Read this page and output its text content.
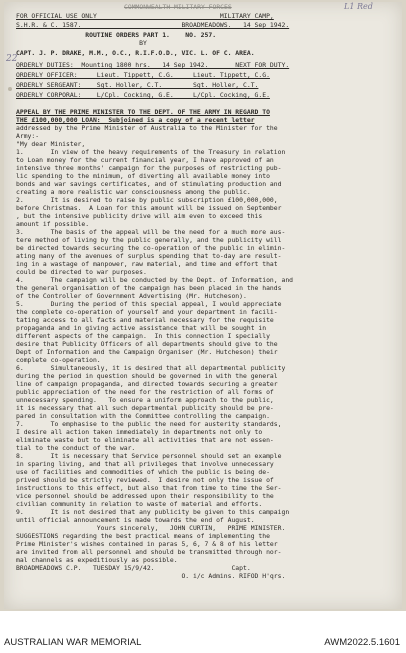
COMMONWEALTH MILITARY FORCES	L1 Red
22
FOR OFFICIAL USE ONLY                                MILITARY CAMP,
S.H.R. & C. 1587.                          BROADMEADOWS.   14 Sep 1942.
ROUTINE ORDERS PART 1.    NO. 257.
BY
CAPT. J. P. DRAKE, M.M., O.C., R.I.F.O.D., VIC. L. OF C. AREA.
ORDERLY DUTIES:  Mounting 1800 hrs.   14 Sep 1942.       NEXT FOR DUTY.
ORDERLY OFFICER:     Lieut. Tippett, C.G.     Lieut. Tippett, C.G.
ORDERLY SERGEANT:    Sgt. Holler, C.T.        Sgt. Holler, C.T.
ORDERLY CORPORAL:    L/Cpl. Cocking, G.E.     L/Cpl. Cocking, G.E.
APPEAL BY THE PRIME MINISTER TO THE DEPT. OF THE ARMY IN REGARD TO
THE £100,000,000 LOAN:  Subjoined is a copy of a recent letter
addressed by the Prime Minister of Australia to the Minister for the
Army:-
"My dear Minister,
1.       In view of the heavy requirements of the Treasury in relation
to Loan money for the current financial year, I have approved of an
intensive three months' campaign for the purposes of restricting pub-
lic spending to the minimum, of diverting all available money into
bonds and war savings certificates, and of stimulating production and
creating a more realistic war consciousness among the public.
2.       It is desired to raise by public subscription £100,000,000,
before Christmas.  A Loan for this amount will be issued on September
, but the intensive publicity drive will aim even to exceed this
amount if possible.
3.       The basis of the appeal will be the need for a much more aus-
tere method of living by the public generally, and the publicity will
be directed towards securing the co-operation of the public in elimin-
ating many of the avenues of surplus spending that to-day are result-
ing in a wastage of manpower, raw material, and time and effort that
could be directed to war purposes.
4.       The campaign will be conducted by the Dept. of Information, and
the general organisation of the campaign has been placed in the hands
of the Controller of Government Advertising (Mr. Hutcheson).
5.       During the period of this special appeal, I would appreciate
the complete co-operation of yourself and your department in facili-
tating access to all facts and material necessary for the requisite
propaganda and in giving active assistance that will be sought in
different aspects of the campaign.  In this connection I specially
desire that Publicity Officers of all departments should give to the
Dept of Information and the Campaign Organiser (Mr. Hutcheson) their
complete co-operation.
6.       Simultaneously, it is desired that all departmental publicity
during the period in question should be governed in with the general
line of campaign propaganda, and directed towards securing a greater
public appreciation of the need for the restriction of all forms of
unnecessary spending.   To ensure a uniform approach to the public,
it is necessary that all such departmental publicity should be pre-
pared in consultation with the Committee controlling the campaign.
7.       To emphasise to the public the need for austerity standards,
I desire all action taken immediately in departments not only to
eliminate waste but to eliminate all activities that are not essen-
tial to the conduct of the war.
8.       It is necessary that Service personnel should set an example
in sparing living, and that all privileges that involve unnecessary
use of facilities and commodities of which the public is being de-
prived should be strictly reviewed.  I desire not only the issue of
instructions to this effect, but also that from time to time the Ser-
vice personnel should be addressed upon their responsibility to the
civilian community in relation to waste of material and efforts.
9.       It is not desired that any publicity be given to this campaign
until official announcement is made towards the end of August.
Yours sincerely,   JOHN CURTIN,   PRIME MINISTER.
SUGGESTIONS regarding the best practical means of implementing the
Prime Minister's wishes contained in paras 5, 6, 7 & 8 of his letter
are invited from all personnel and should be transmitted through nor-
mal channels as expeditiously as possible.
BROADMEADOWS C.P.   TUESDAY 15/9/42.                    Capt.
O. i/c Admins. RIFOD H'qrs.
AUSTRALIAN WAR MEMORIAL	AWM2022.5.1601
